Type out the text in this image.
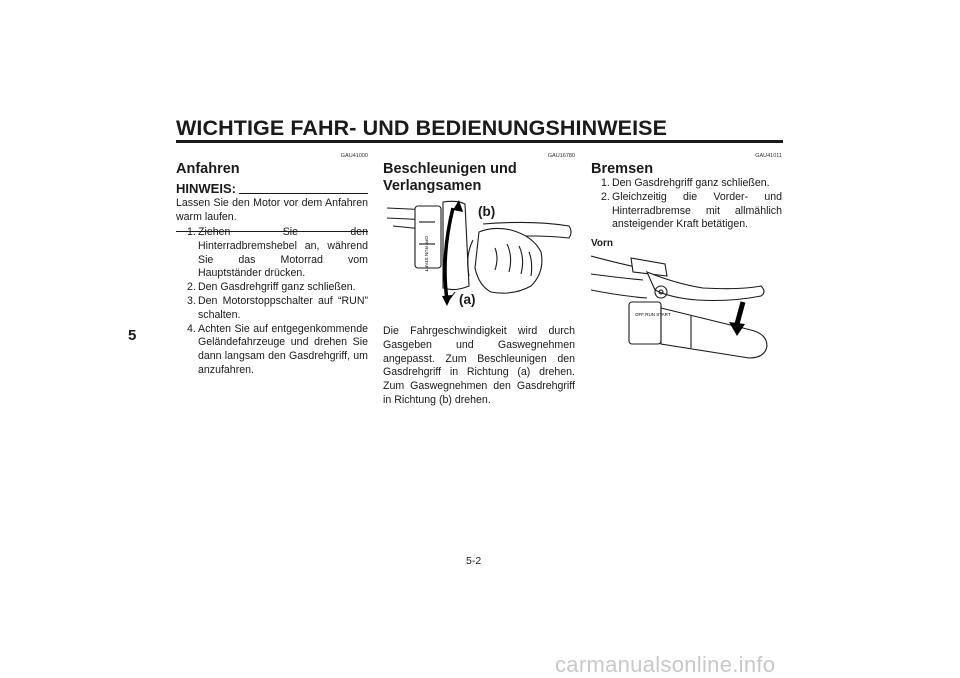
WICHTIGE FAHR- UND BEDIENUNGSHINWEISE
5
GAU41000
Anfahren
HINWEIS:
Lassen Sie den Motor vor dem Anfahren warm laufen.
1. Ziehen Sie den Hinterradbremshebel an, während Sie das Motorrad vom Hauptständer drücken.
2. Den Gasdrehgriff ganz schließen.
3. Den Motorstoppschalter auf “RUN” schalten.
4. Achten Sie auf entgegenkommende Geländefahrzeuge und drehen Sie dann langsam den Gasdrehgriff, um anzufahren.
GAU16780
Beschleunigen und
Verlangsamen
OFF RUN START
(b)
(a)
Die Fahrgeschwindigkeit wird durch Gasgeben und Gaswegnehmen angepasst. Zum Beschleunigen den Gasdrehgriff in Richtung (a) drehen. Zum Gaswegnehmen den Gasdrehgriff in Richtung (b) drehen.
GAU41011
Bremsen
1. Den Gasdrehgriff ganz schließen.
2. Gleichzeitig die Vorder- und Hinterradbremse mit allmählich ansteigender Kraft betätigen.
Vorn
OFF RUN START
5-2
carmanualsonline.info
